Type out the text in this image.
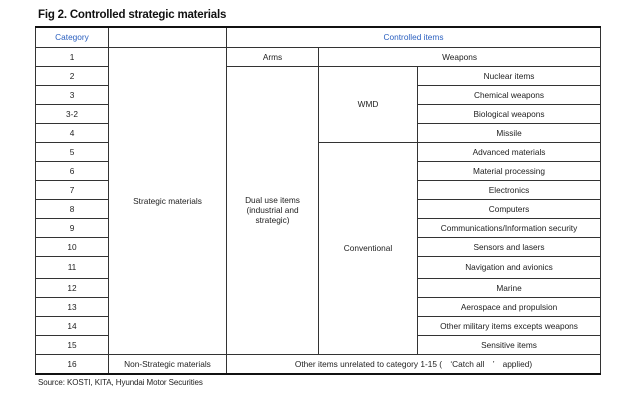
Fig 2. Controlled strategic materials
Category		Controlled items		
1	Strategic materials	Arms	Weapons	
2		Dual use items (industrial and strategic)	WMD	Nuclear items
3				Chemical weapons
3-2				Biological weapons
4				Missile
5			Conventional	Advanced materials
6				Material processing
7				Electronics
8				Computers
9				Communications/Information security
10				Sensors and lasers
11				Navigation and avionics
12				Marine
13				Aerospace and propulsion
14				Other military items excepts weapons
15				Sensitive items
16	Non-Strategic materials	Other items unrelated to category 1-15 (　‘Catch all　’　applied)		
Source: KOSTI, KITA, Hyundai Motor Securities
